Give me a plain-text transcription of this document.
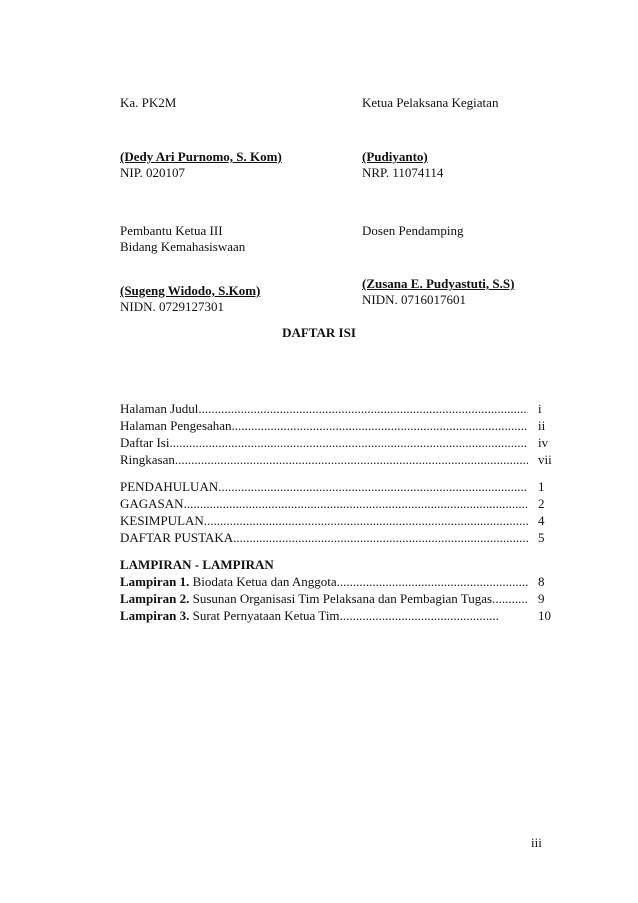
Ka. PK2M
(Dedy Ari Purnomo, S. Kom)
NIP. 020107
Pembantu Ketua III
Bidang Kemahasiswaan
(Sugeng Widodo, S.Kom)
NIDN. 0729127301
Ketua Pelaksana Kegiatan
(Pudiyanto)
NRP. 11074114
Dosen Pendamping
(Zusana E. Pudyastuti, S.S)
NIDN. 0716017601
DAFTAR ISI
Halaman Judul .....	i
Halaman Pengesahan .....	ii
Daftar Isi .....	iv
Ringkasan .....	vii
PENDAHULUAN .....	1
GAGASAN .....	2
KESIMPULAN .....	4
DAFTAR PUSTAKA .....	5
LAMPIRAN - LAMPIRAN
Lampiran 1. Biodata Ketua dan Anggota .....	8
Lampiran 2. Susunan Organisasi Tim Pelaksana dan Pembagian Tugas .....	9
Lampiran 3. Surat Pernyataan Ketua Tim .....	10
iii
